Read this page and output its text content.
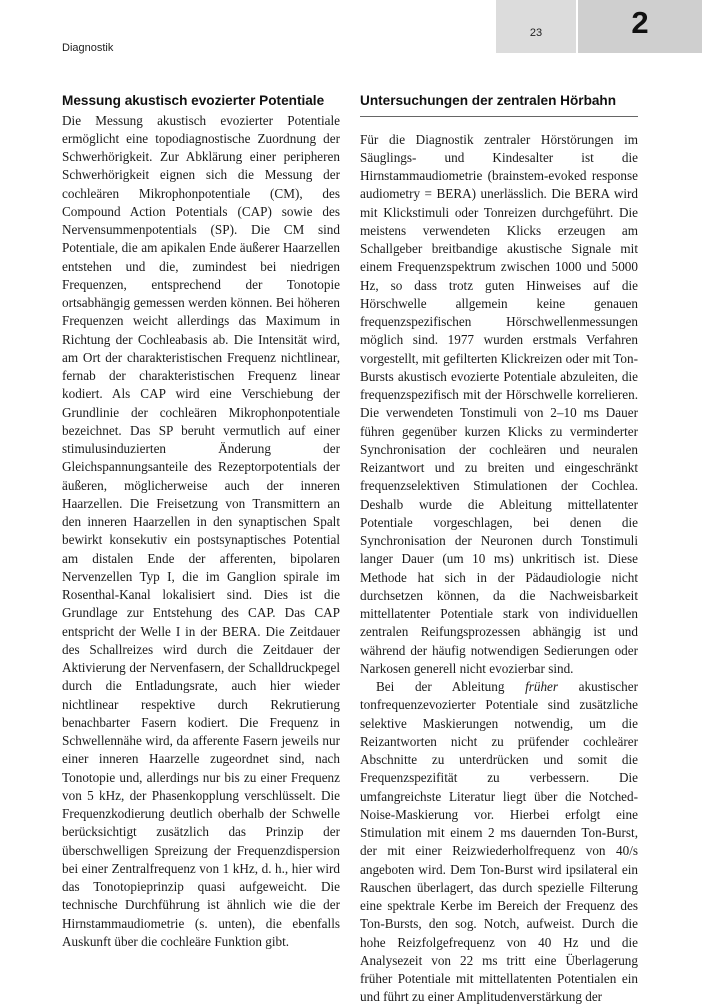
Diagnostik
23	2
Messung akustisch evozierter Potentiale

Die Messung akustisch evozierter Potentiale ermöglicht eine topodiagnostische Zuordnung der Schwerhörigkeit. Zur Abklärung einer peripheren Schwerhörigkeit eignen sich die Messung der cochleären Mikrophonpotentiale (CM), des Compound Action Potentials (CAP) sowie des Nervensummenpotentials (SP). Die CM sind Potentiale, die am apikalen Ende äußerer Haarzellen entstehen und die, zumindest bei niedrigen Frequenzen, entsprechend der Tonotopie ortsabhängig gemessen werden können. Bei höheren Frequenzen weicht allerdings das Maximum in Richtung der Cochleabasis ab. Die Intensität wird, am Ort der charakteristischen Frequenz nichtlinear, fernab der charakteristischen Frequenz linear kodiert. Als CAP wird eine Verschiebung der Grundlinie der cochleären Mikrophonpotentiale bezeichnet. Das SP beruht vermutlich auf einer stimulusinduzierten Änderung der Gleichspannungsanteile des Rezeptorpotentials der äußeren, möglicherweise auch der inneren Haarzellen. Die Freisetzung von Transmittern an den inneren Haarzellen in den synaptischen Spalt bewirkt konsekutiv ein postsynaptisches Potential am distalen Ende der afferenten, bipolaren Nervenzellen Typ I, die im Ganglion spirale im Rosenthal-Kanal lokalisiert sind. Dies ist die Grundlage zur Entstehung des CAP. Das CAP entspricht der Welle I in der BERA. Die Zeitdauer des Schallreizes wird durch die Zeitdauer der Aktivierung der Nervenfasern, der Schalldruckpegel durch die Entladungsrate, auch hier wieder nichtlinear respektive durch Rekrutierung benachbarter Fasern kodiert. Die Frequenz in Schwellennähe wird, da afferente Fasern jeweils nur einer inneren Haarzelle zugeordnet sind, nach Tonotopie und, allerdings nur bis zu einer Frequenz von 5 kHz, der Phasenkopplung verschlüsselt. Die Frequenzkodierung deutlich oberhalb der Schwelle berücksichtigt zusätzlich das Prinzip der überschwelligen Spreizung der Frequenzdispersion bei einer Zentralfrequenz von 1 kHz, d. h., hier wird das Tonotopieprinzip quasi aufgeweicht. Die technische Durchführung ist ähnlich wie die der Hirnstammaudiometrie (s. unten), die ebenfalls Auskunft über die cochleäre Funktion gibt.

Untersuchungen der zentralen Hörbahn

Für die Diagnostik zentraler Hörstörungen im Säuglings- und Kindesalter ist die Hirnstammaudiometrie (brainstem-evoked response audiometry = BERA) unerlässlich. Die BERA wird mit Klickstimuli oder Tonreizen durchgeführt. Die meistens verwendeten Klicks erzeugen am Schallgeber breitbandige akustische Signale mit einem Frequenzspektrum zwischen 1000 und 5000 Hz, so dass trotz guten Hinweises auf die Hörschwelle allgemein keine genauen frequenzspezifischen Hörschwellenmessungen möglich sind. 1977 wurden erstmals Verfahren vorgestellt, mit gefilterten Klickreizen oder mit Ton-Bursts akustisch evozierte Potentiale abzuleiten, die frequenzspezifisch mit der Hörschwelle korrelieren. Die verwendeten Tonstimuli von 2–10 ms Dauer führen gegenüber kurzen Klicks zu verminderter Synchronisation der cochleären und neuralen Reizantwort und zu breiten und eingeschränkt frequenzselektiven Stimulationen der Cochlea. Deshalb wurde die Ableitung mittellatenter Potentiale vorgeschlagen, bei denen die Synchronisation der Neuronen durch Tonstimuli langer Dauer (um 10 ms) unkritisch ist. Diese Methode hat sich in der Pädaudiologie nicht durchsetzen können, da die Nachweisbarkeit mittellatenter Potentiale stark von individuellen zentralen Reifungsprozessen abhängig ist und während der häufig notwendigen Sedierungen oder Narkosen generell nicht evozierbar sind.

Bei der Ableitung früher akustischer tonfrequenzevozierter Potentiale sind zusätzliche selektive Maskierungen notwendig, um die Reizantworten nicht zu prüfender cochleärer Abschnitte zu unterdrücken und somit die Frequenzspezifität zu verbessern. Die umfangreichste Literatur liegt über die Notched-Noise-Maskierung vor. Hierbei erfolgt eine Stimulation mit einem 2 ms dauernden Ton-Burst, der mit einer Reizwiederholfrequenz von 40/s angeboten wird. Dem Ton-Burst wird ipsilateral ein Rauschen überlagert, das durch spezielle Filterung eine spektrale Kerbe im Bereich der Frequenz des Ton-Bursts, den sog. Notch, aufweist. Durch die hohe Reizfolgefrequenz von 40 Hz und die Analysezeit von 22 ms tritt eine Überlagerung früher Potentiale mit mittellatenten Potentialen ein und führt zu einer Amplitudenverstärkung der
